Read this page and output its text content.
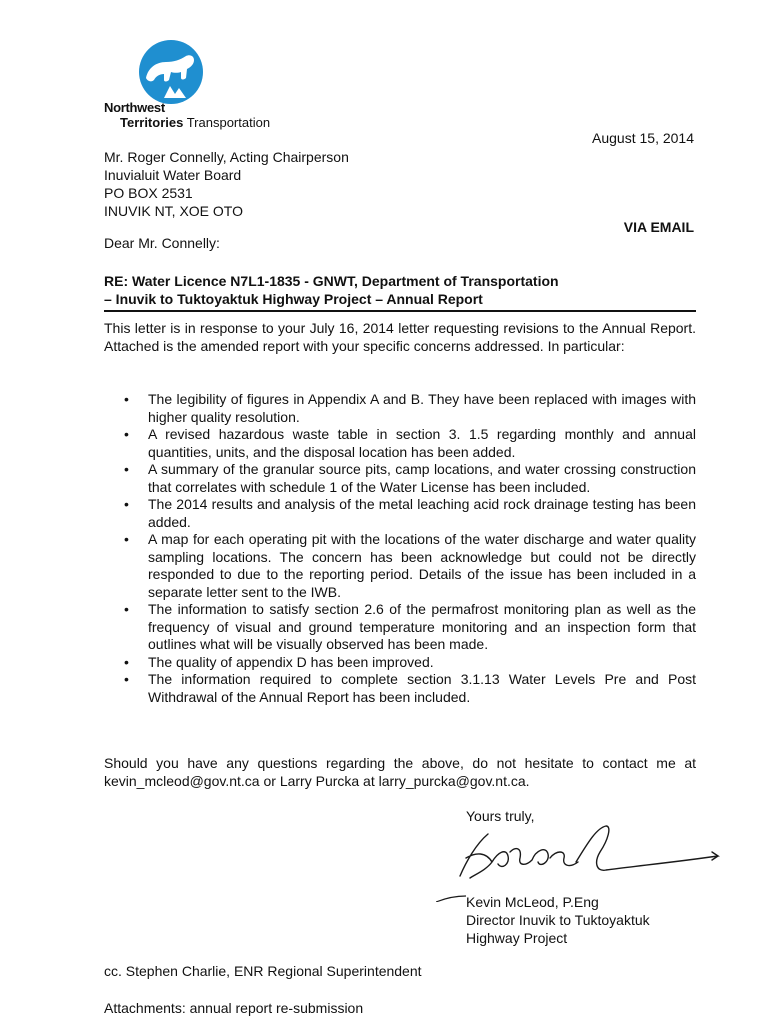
Northwest
Territories Transportation
August 15, 2014
Mr. Roger Connelly, Acting Chairperson
Inuvialuit Water Board
PO BOX 2531
INUVIK NT, XOE OTO
VIA EMAIL
Dear Mr. Connelly:
RE: Water Licence N7L1-1835 - GNWT, Department of Transportation
– Inuvik to Tuktoyaktuk Highway Project – Annual Report
This letter is in response to your July 16, 2014 letter requesting revisions to the Annual Report. Attached is the amended report with your specific concerns addressed. In particular:
• The legibility of figures in Appendix A and B. They have been replaced with images with higher quality resolution.
• A revised hazardous waste table in section 3. 1.5 regarding monthly and annual quantities, units, and the disposal location has been added.
• A summary of the granular source pits, camp locations, and water crossing construction that correlates with schedule 1 of the Water License has been included.
• The 2014 results and analysis of the metal leaching acid rock drainage testing has been added.
• A map for each operating pit with the locations of the water discharge and water quality sampling locations. The concern has been acknowledge but could not be directly responded to due to the reporting period. Details of the issue has been included in a separate letter sent to the IWB.
• The information to satisfy section 2.6 of the permafrost monitoring plan as well as the frequency of visual and ground temperature monitoring and an inspection form that outlines what will be visually observed has been made.
• The quality of appendix D has been improved.
• The information required to complete section 3.1.13 Water Levels Pre and Post Withdrawal of the Annual Report has been included.
Should you have any questions regarding the above, do not hesitate to contact me at kevin_mcleod@gov.nt.ca or Larry Purcka at larry_purcka@gov.nt.ca.
Yours truly,
Kevin McLeod, P.Eng
Director Inuvik to Tuktoyaktuk
Highway Project
cc. Stephen Charlie, ENR Regional Superintendent
Attachments: annual report re-submission
